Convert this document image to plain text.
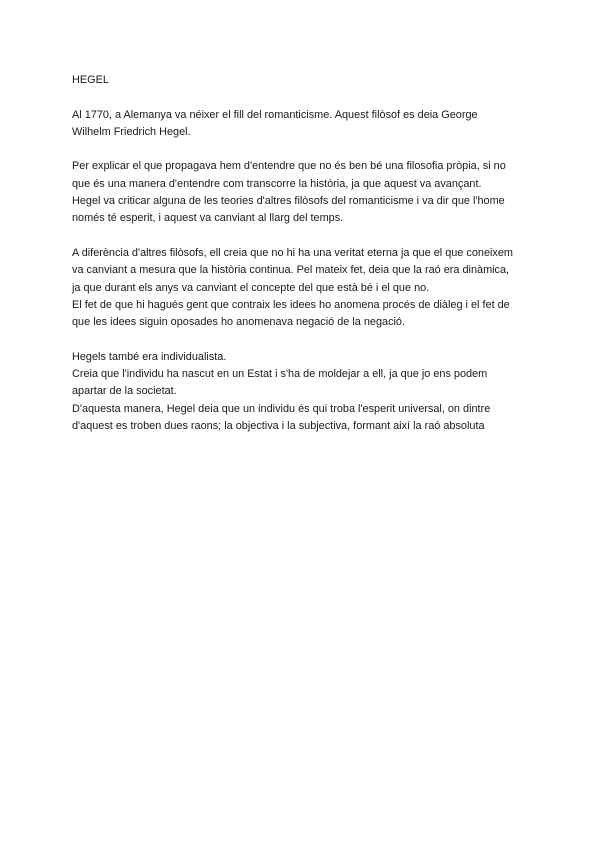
HEGEL
Al 1770, a Alemanya va néixer el fill del romanticisme. Aquest filòsof es deia George
Wilhelm Friedrich Hegel.
Per explicar el que propagava hem d'entendre que no és ben bé una filosofia pròpia, si no
que és una manera d'entendre com transcorre la història, ja que aquest va avançant.
Hegel va criticar alguna de les teories d'altres filòsofs del romanticisme i va dir que l'home
només té esperit, i aquest va canviant al llarg del temps.
A diferència d'altres filòsofs, ell creia que no hi ha una veritat eterna ja que el que coneixem
va canviant a mesura que la història continua. Pel mateix fet, deia que la raó era dinàmica,
ja que durant els anys va canviant el concepte del que està bé i el que no.
El fet de que hi hagués gent que contraix les idees ho anomena procés de diàleg i el fet de
que les idees siguin oposades ho anomenava negació de la negació.
Hegels també era individualista.
Creia que l'individu ha nascut en un Estat i s'ha de moldejar a ell, ja que jo ens podem
apartar de la societat.
D'aquesta manera, Hegel deia que un individu és qui troba l'esperit universal, on dintre
d'aquest es troben dues raons; la objectiva i la subjectiva, formant així la raó absoluta
